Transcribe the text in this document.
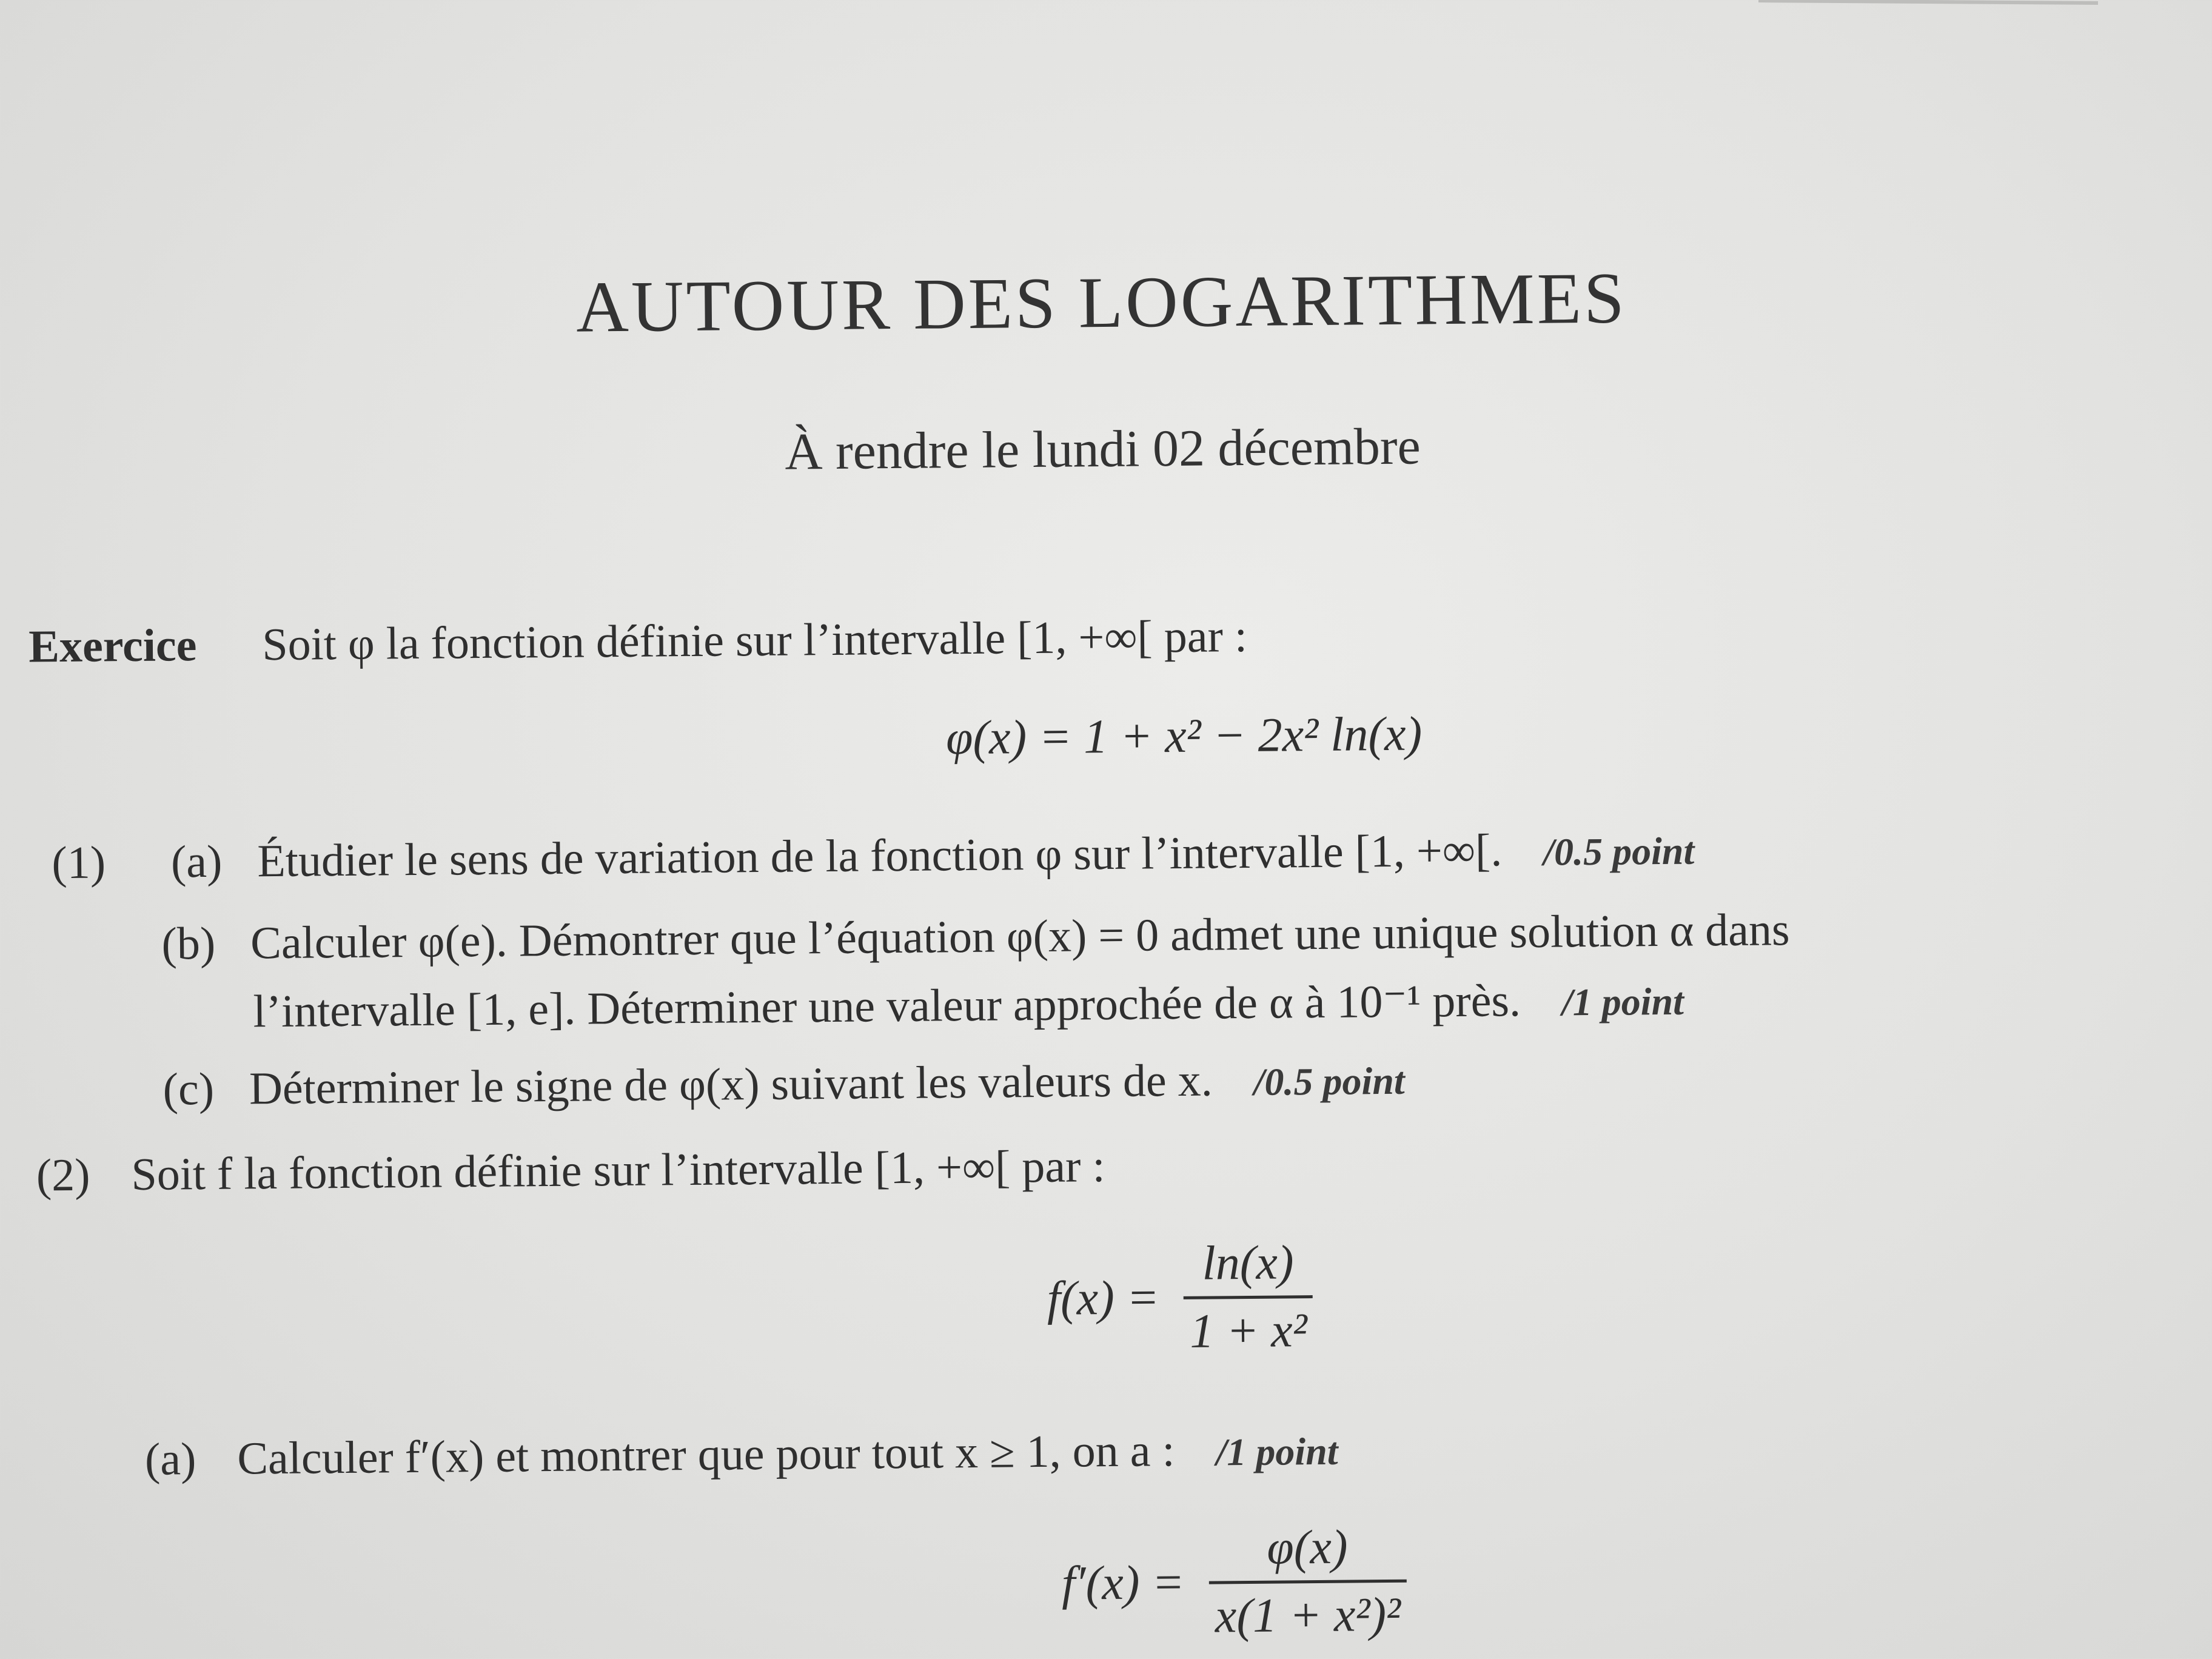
AUTOUR DES LOGARITHMES
À rendre le lundi 02 décembre
Exercice Soit φ la fonction définie sur l’intervalle [1, +∞[ par :
φ(x) = 1 + x² − 2x² ln(x)
(1) (a) Étudier le sens de variation de la fonction φ sur l’intervalle [1, +∞[. /0.5 point
(b) Calculer φ(e). Démontrer que l’équation φ(x) = 0 admet une unique solution α dans
l’intervalle [1, e]. Déterminer une valeur approchée de α à 10⁻¹ près. /1 point
(c) Déterminer le signe de φ(x) suivant les valeurs de x. /0.5 point
(2) Soit f la fonction définie sur l’intervalle [1, +∞[ par :
$f(x) = \frac{\ln(x)}{\text{1 + x²}}$
(a) Calculer f′(x) et montrer que pour tout x ≥ 1, on a : /1 point
$f'(x) = \frac{\varphi(x)}{\text{x(1 + x²)²}}$
